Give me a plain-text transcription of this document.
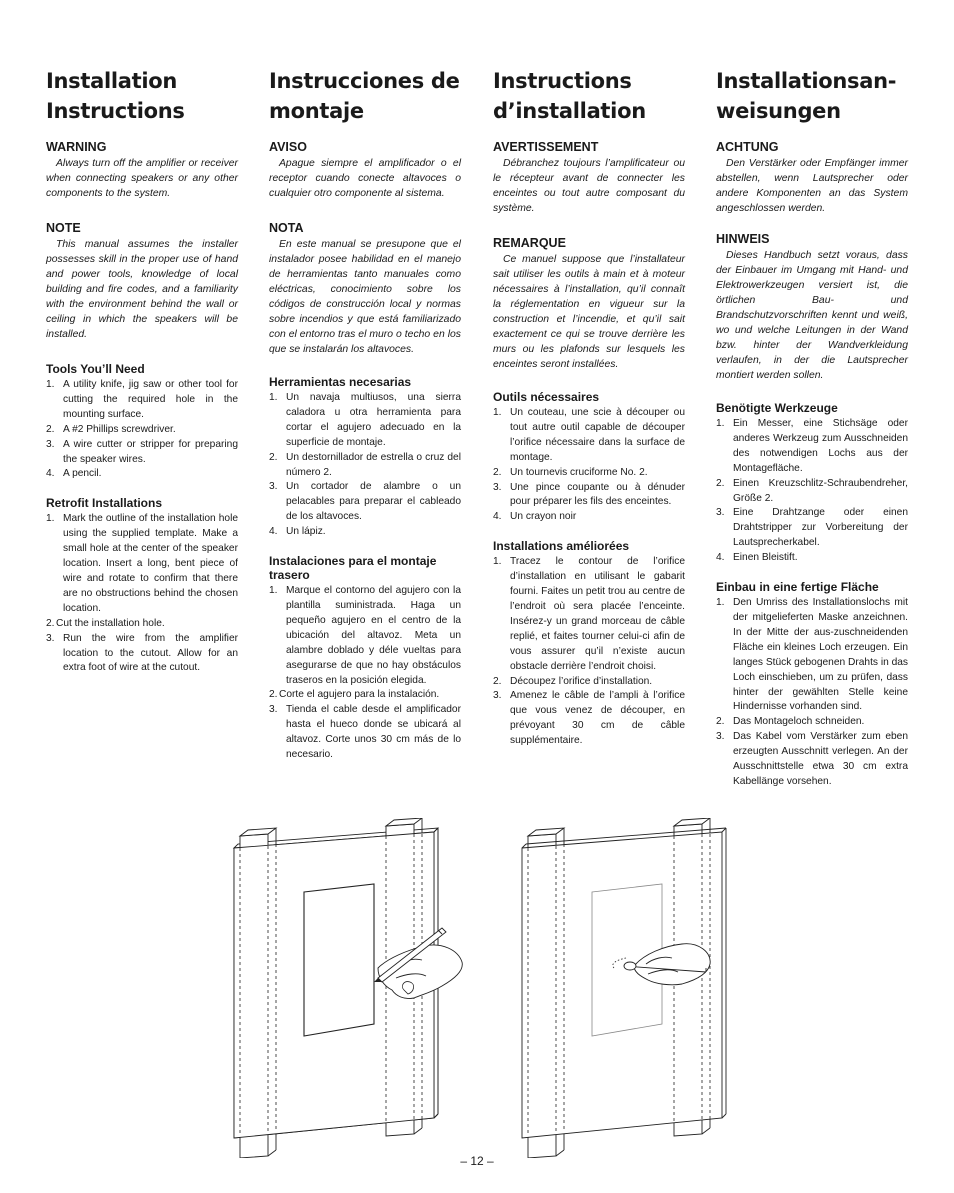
Installation
Instructions
WARNING

Always turn off the amplifier or receiver when connecting speakers or any other components to the system.

NOTE

This manual assumes the installer possesses skill in the proper use of hand and power tools, knowledge of local building and fire codes, and a familiarity with the environment behind the wall or ceiling in which the speakers will be installed.

Tools You’ll Need
1. A utility knife, jig saw or other tool for cutting the required hole in the mounting surface.
2. A #2 Phillips screwdriver.
3. A wire cutter or stripper for preparing the speaker wires.
4. A pencil.
Retrofit Installations
1. Mark the outline of the installation hole using the supplied template. Make a small hole at the center of the speaker location. Insert a long, bent piece of wire and rotate to confirm that there are no obstructions behind the chosen location.
2. Cut the installation hole.
3. Run the wire from the amplifier location to the cutout. Allow for an extra foot of wire at the cutout.
Instrucciones de
montaje
AVISO

Apague siempre el amplificador o el receptor cuando conecte altavoces o cualquier otro componente al sistema.

NOTA

En este manual se presupone que el instalador posee habilidad en el manejo de herramientas tanto manuales como eléctricas, conocimiento sobre los códigos de construcción local y normas sobre incendios y que está familiarizado con el entorno tras el muro o techo en los que se instalarán los altavoces.

Herramientas necesarias
1. Un navaja multiusos, una sierra caladora u otra herramienta para cortar el agujero adecuado en la superficie de montaje.
2. Un destornillador de estrella o cruz del número 2.
3. Un cortador de alambre o un pelacables para preparar el cableado de los altavoces.
4. Un lápiz.
Instalaciones para el montaje trasero
1. Marque el contorno del agujero con la plantilla suministrada. Haga un pequeño agujero en el centro de la ubicación del altavoz. Meta un alambre doblado y déle vueltas para asegurarse de que no hay obstáculos traseros en la posición elegida.
2. Corte el agujero para la instalación.
3. Tienda el cable desde el amplificador hasta el hueco donde se ubicará al altavoz. Corte unos 30 cm más de lo necesario.
Instructions
d’installation
AVERTISSEMENT

Débranchez toujours l’amplificateur ou le récepteur avant de connecter les enceintes ou tout autre composant du système.

REMARQUE

Ce manuel suppose que l’installateur sait utiliser les outils à main et à moteur nécessaires à l’installation, qu’il connaît la réglementation en vigueur sur la construction et l’incendie, et qu’il sait exactement ce qui se trouve derrière les murs ou les plafonds sur lesquels les enceintes seront installées.

Outils nécessaires
1. Un couteau, une scie à découper ou tout autre outil capable de découper l’orifice nécessaire dans la surface de montage.
2. Un tournevis cruciforme No. 2.
3. Une pince coupante ou à dénuder pour préparer les fils des enceintes.
4. Un crayon noir
Installations améliorées
1. Tracez le contour de l’orifice d’installation en utilisant le gabarit fourni. Faites un petit trou au centre de l’endroit où sera placée l’enceinte. Insérez-y un grand morceau de câble replié, et faites tourner celui-ci afin de vous assurer qu’il n’existe aucun obstacle derrière l’endroit choisi.
2. Découpez l’orifice d’installation.
3. Amenez le câble de l’ampli à l’orifice que vous venez de découper, en prévoyant 30 cm de câble supplémentaire.
Installationsan-
weisungen
ACHTUNG

Den Verstärker oder Empfänger immer abstellen, wenn Lautsprecher oder andere Komponenten an das System angeschlossen werden.

HINWEIS

Dieses Handbuch setzt voraus, dass der Einbauer im Umgang mit Hand- und Elektrowerkzeugen versiert ist, die örtlichen Bau- und Brandschutzvorschriften kennt und weiß, wo und welche Leitungen in der Wand bzw. hinter der Wandverkleidung verlaufen, in der die Lautsprecher montiert werden sollen.

Benötigte Werkzeuge
1. Ein Messer, eine Stichsäge oder anderes Werkzeug zum Ausschneiden des notwendigen Lochs aus der Montagefläche.
2. Einen Kreuzschlitz-Schraubendreher, Größe 2.
3. Eine Drahtzange oder einen Drahtstripper zur Vorbereitung der Lautsprecherkabel.
4. Einen Bleistift.
Einbau in eine fertige Fläche
1. Den Umriss des Installationslochs mit der mitgelieferten Maske anzeichnen. In der Mitte der aus-zuschneidenden Fläche ein kleines Loch erzeugen. Ein langes Stück gebogenen Drahts in das Loch einschieben, um zu prüfen, dass hinter der gewählten Stelle keine Hindernisse vorhanden sind.
2. Das Montageloch schneiden.
3. Das Kabel vom Verstärker zum eben erzeugten Ausschnitt verlegen. An der Ausschnittstelle etwa 30 cm extra Kabellänge vorsehen.
– 12 –
